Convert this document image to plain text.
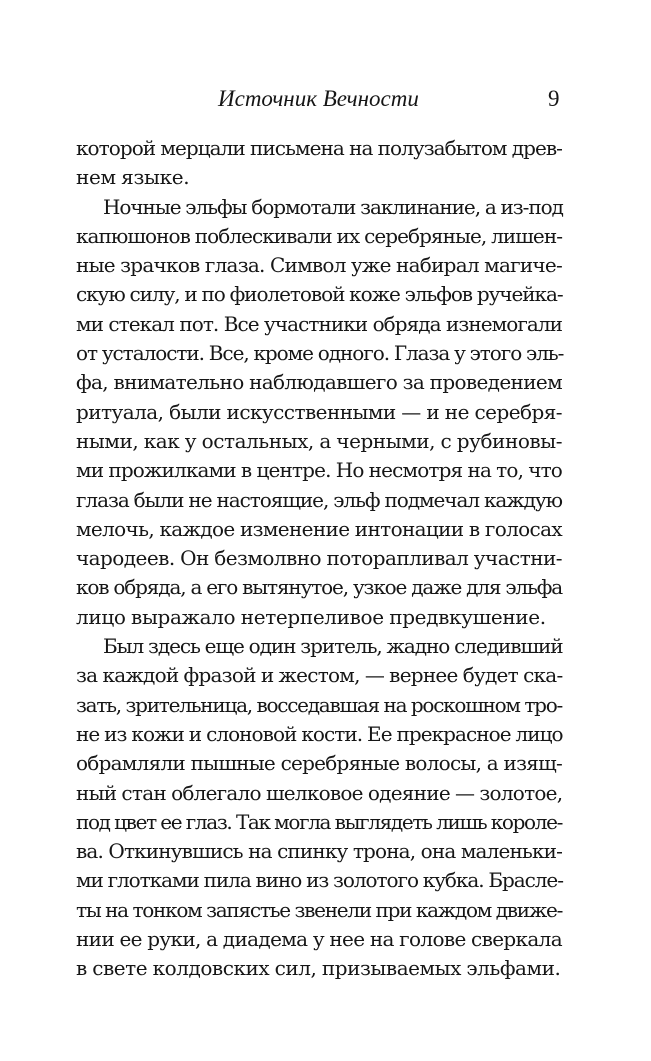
Источник Вечности	9
которой мерцали письмена на полузабытом древ-
нем языке.
Ночные эльфы бормотали заклинание, а из-под
капюшонов поблескивали их серебряные, лишен-
ные зрачков глаза. Символ уже набирал магиче-
скую силу, и по фиолетовой коже эльфов ручейка-
ми стекал пот. Все участники обряда изнемогали
от усталости. Все, кроме одного. Глаза у этого эль-
фа, внимательно наблюдавшего за проведением
ритуала, были искусственными — и не серебря-
ными, как у остальных, а черными, с рубиновы-
ми прожилками в центре. Но несмотря на то, что
глаза были не настоящие, эльф подмечал каждую
мелочь, каждое изменение интонации в голосах
чародеев. Он безмолвно поторапливал участни-
ков обряда, а его вытянутое, узкое даже для эльфа
лицо выражало нетерпеливое предвкушение.
Был здесь еще один зритель, жадно следивший
за каждой фразой и жестом, — вернее будет ска-
зать, зрительница, восседавшая на роскошном тро-
не из кожи и слоновой кости. Ее прекрасное лицо
обрамляли пышные серебряные волосы, а изящ-
ный стан облегало шелковое одеяние — золотое,
под цвет ее глаз. Так могла выглядеть лишь короле-
ва. Откинувшись на спинку трона, она маленьки-
ми глотками пила вино из золотого кубка. Брасле-
ты на тонком запястье звенели при каждом движе-
нии ее руки, а диадема у нее на голове сверкала
в свете колдовских сил, призываемых эльфами.
